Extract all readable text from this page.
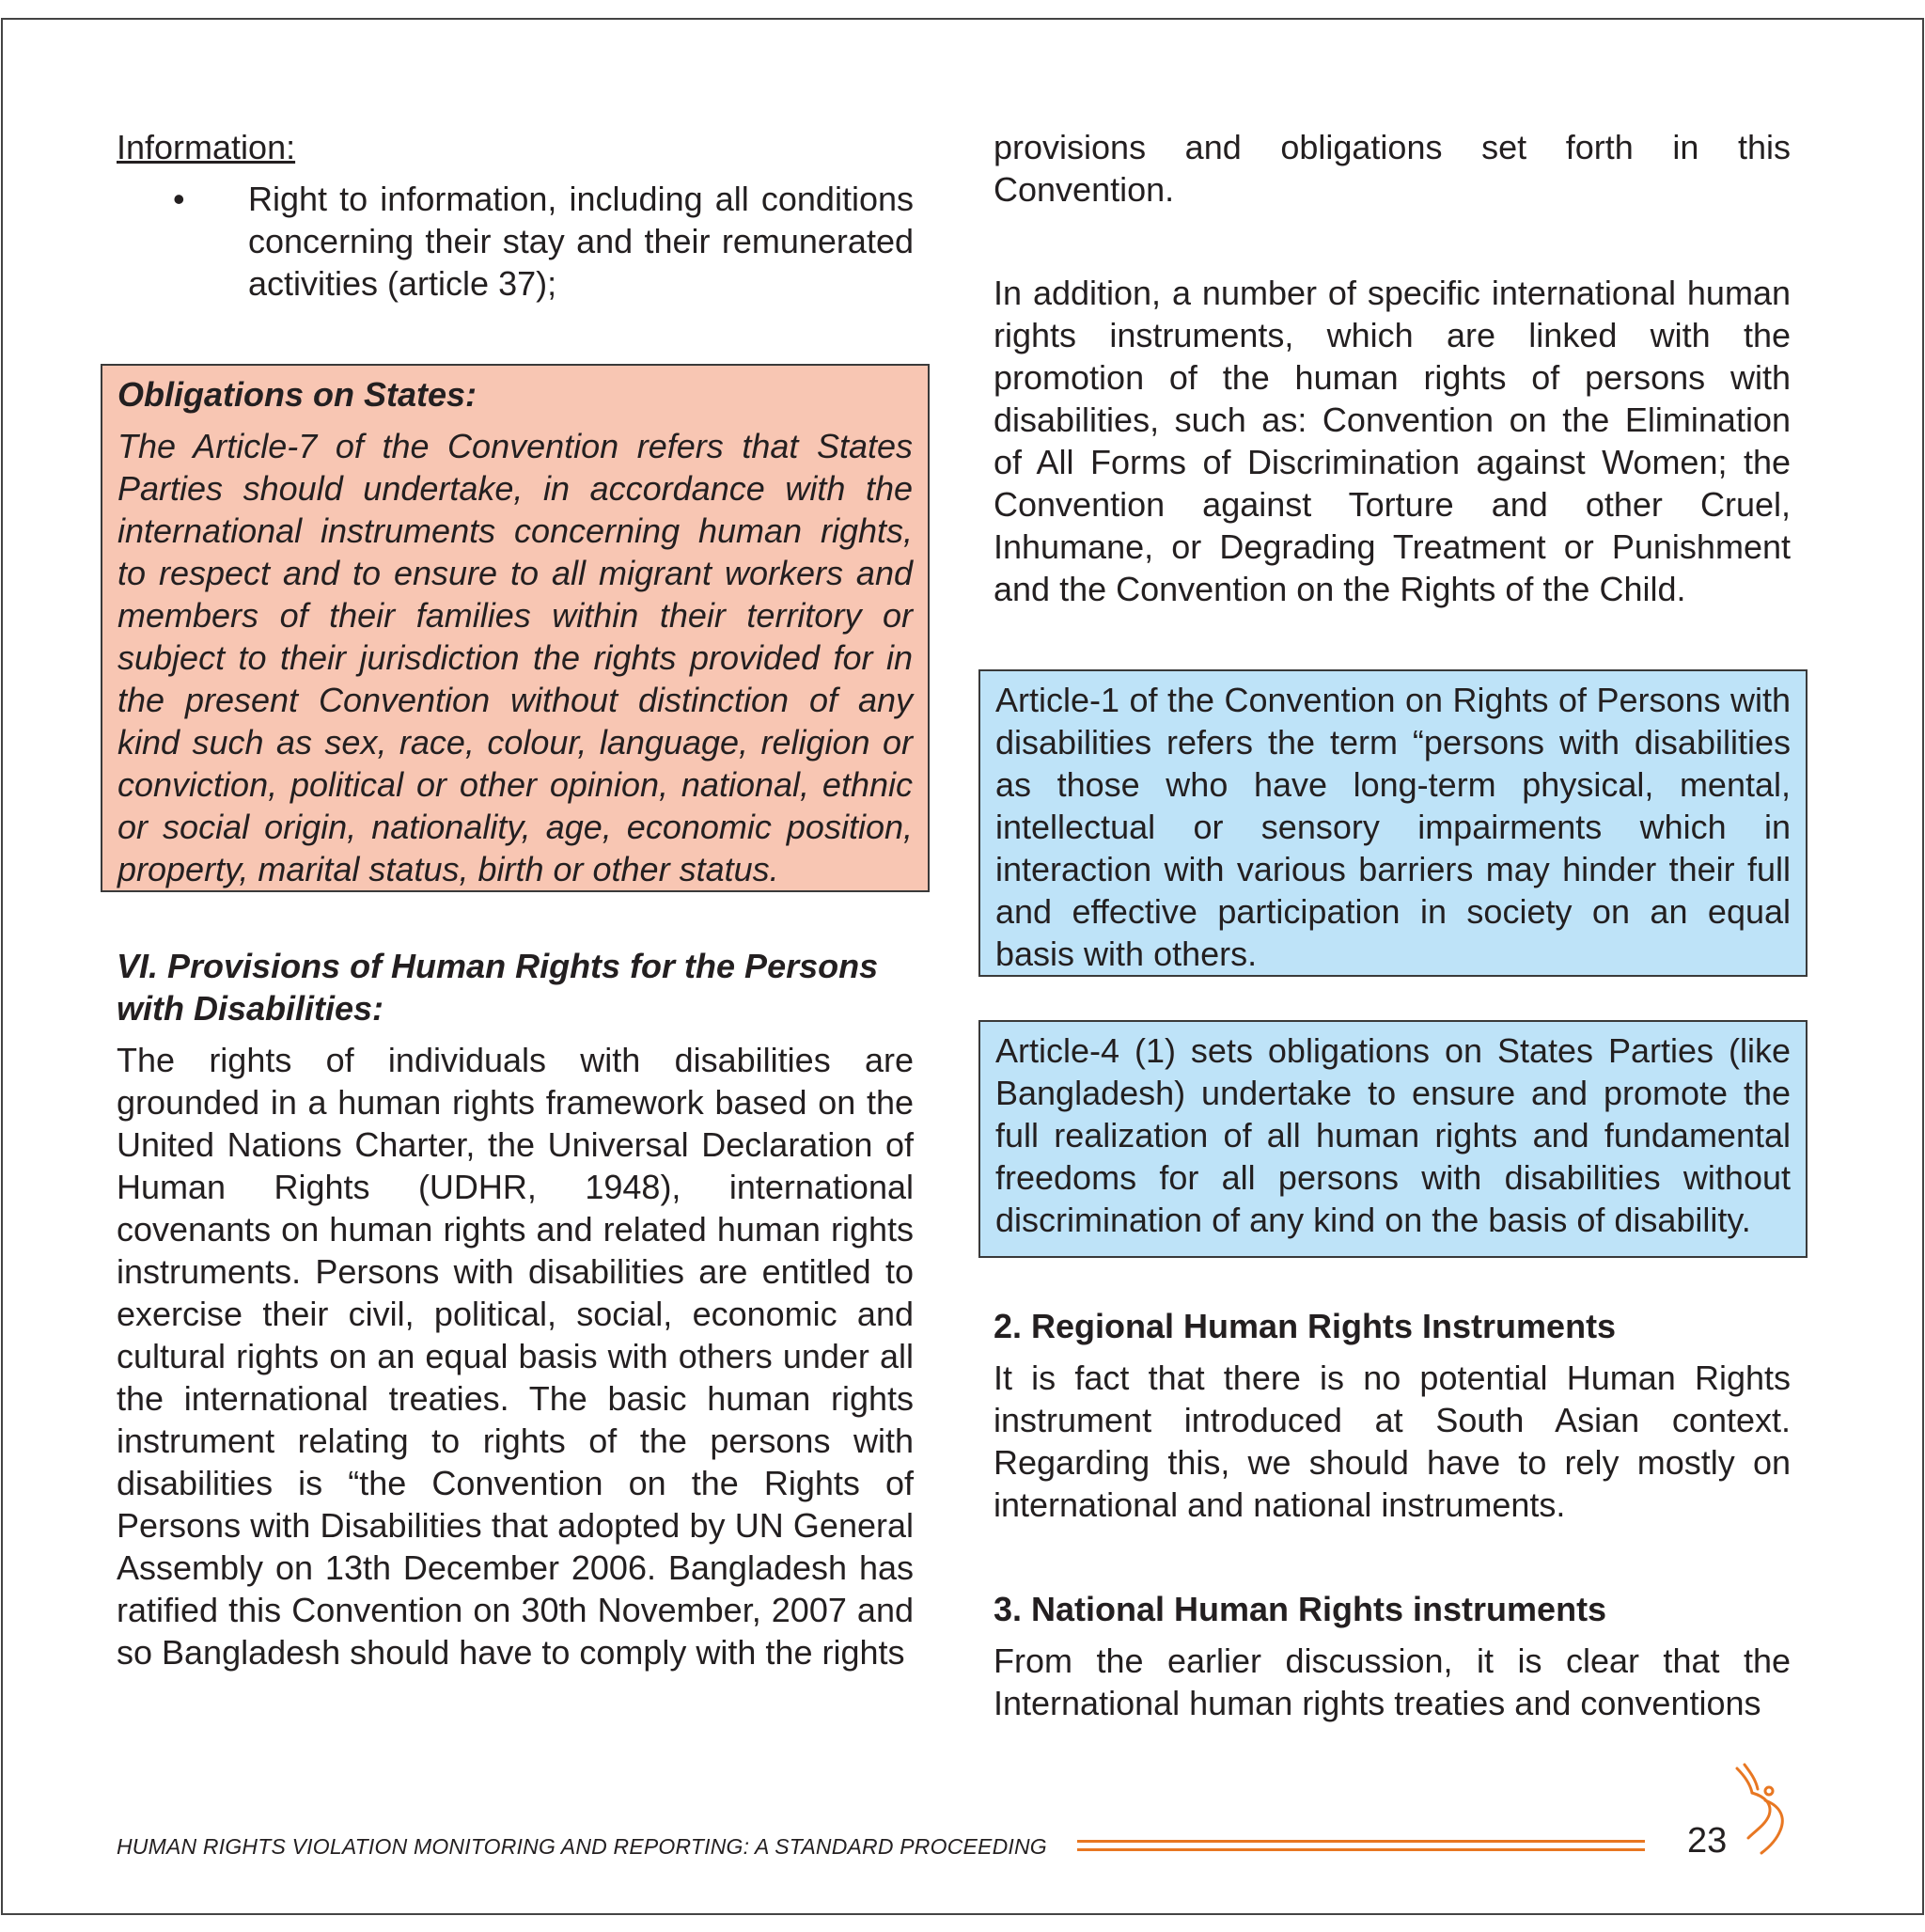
Information:
•	Right to information, including all conditions concerning their stay and their remunerated activities (article 37);
Obligations on States:
The Article-7 of the Convention refers that States Parties should undertake, in accordance with the international instruments concerning human rights, to respect and to ensure to all migrant workers and members of their families within their territory or subject to their jurisdiction the rights provided for in the present Convention without distinction of any kind such as sex, race, colour, language, religion or conviction, political or other opinion, national, ethnic or social origin, nationality, age, economic position, property, marital status, birth or other status.
VI. Provisions of Human Rights for the Persons with Disabilities:
The rights of individuals with disabilities are grounded in a human rights framework based on the United Nations Charter, the Universal Declaration of Human Rights (UDHR, 1948), international covenants on human rights and related human rights instruments. Persons with disabilities are entitled to exercise their civil, political, social, economic and cultural rights on an equal basis with others under all the international treaties. The basic human rights instrument relating to rights of the persons with disabilities is “the Convention on the Rights of Persons with Disabilities that adopted by UN General Assembly on 13th December 2006. Bangladesh has ratified this Convention on 30th November, 2007 and so Bangladesh should have to comply with the rights
provisions and obligations set forth in this Convention.
In addition, a number of specific international human rights instruments, which are linked with the promotion of the human rights of persons with disabilities, such as: Convention on the Elimination of All Forms of Discrimination against Women; the Convention against Torture and other Cruel, Inhumane, or Degrading Treatment or Punishment and the Convention on the Rights of the Child.
Article-1 of the Convention on Rights of Persons with disabilities refers the term “persons with disabilities as those who have long-term physical, mental, intellectual or sensory impairments which in interaction with various barriers may hinder their full and effective participation in society on an equal basis with others.
Article-4 (1) sets obligations on States Parties (like Bangladesh) undertake to ensure and promote the full realization of all human rights and fundamental freedoms for all persons with disabilities without discrimination of any kind on the basis of disability.
2. Regional Human Rights Instruments
It is fact that there is no potential Human Rights instrument introduced at South Asian context. Regarding this, we should have to rely mostly on international and national instruments.
3. National Human Rights instruments
From the earlier discussion, it is clear that the International human rights treaties and conventions
HUMAN RIGHTS VIOLATION MONITORING AND REPORTING: A STANDARD PROCEEDING	23
